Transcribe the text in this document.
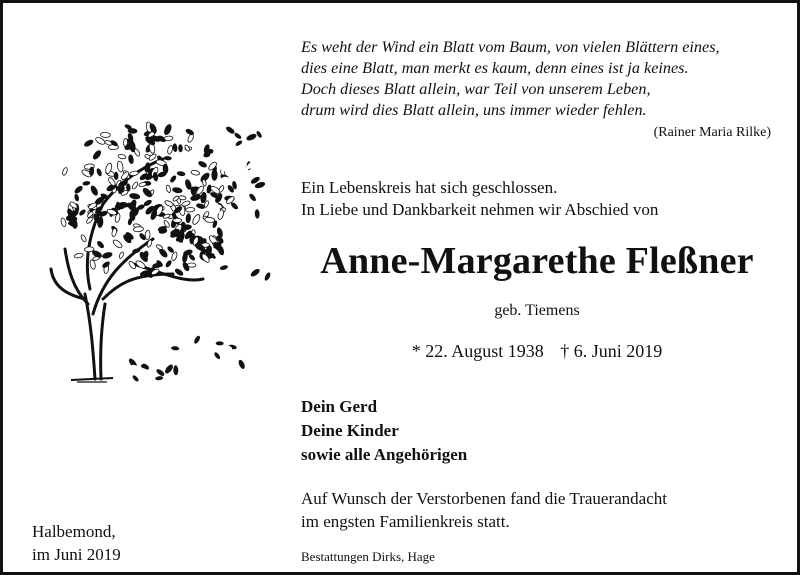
Es weht der Wind ein Blatt vom Baum, von vielen Blättern eines,
dies eine Blatt, man merkt es kaum, denn eines ist ja keines.
Doch dieses Blatt allein, war Teil von unserem Leben,
drum wird dies Blatt allein, uns immer wieder fehlen.
(Rainer Maria Rilke)
Ein Lebenskreis hat sich geschlossen.
In Liebe und Dankbarkeit nehmen wir Abschied von
Anne-Margarethe Fleßner
geb. Tiemens
* 22. August 1938 † 6. Juni 2019
Dein Gerd
Deine Kinder
sowie alle Angehörigen
Auf Wunsch der Verstorbenen fand die Trauerandacht
im engsten Familienkreis statt.
Bestattungen Dirks, Hage
Halbemond,
im Juni 2019
